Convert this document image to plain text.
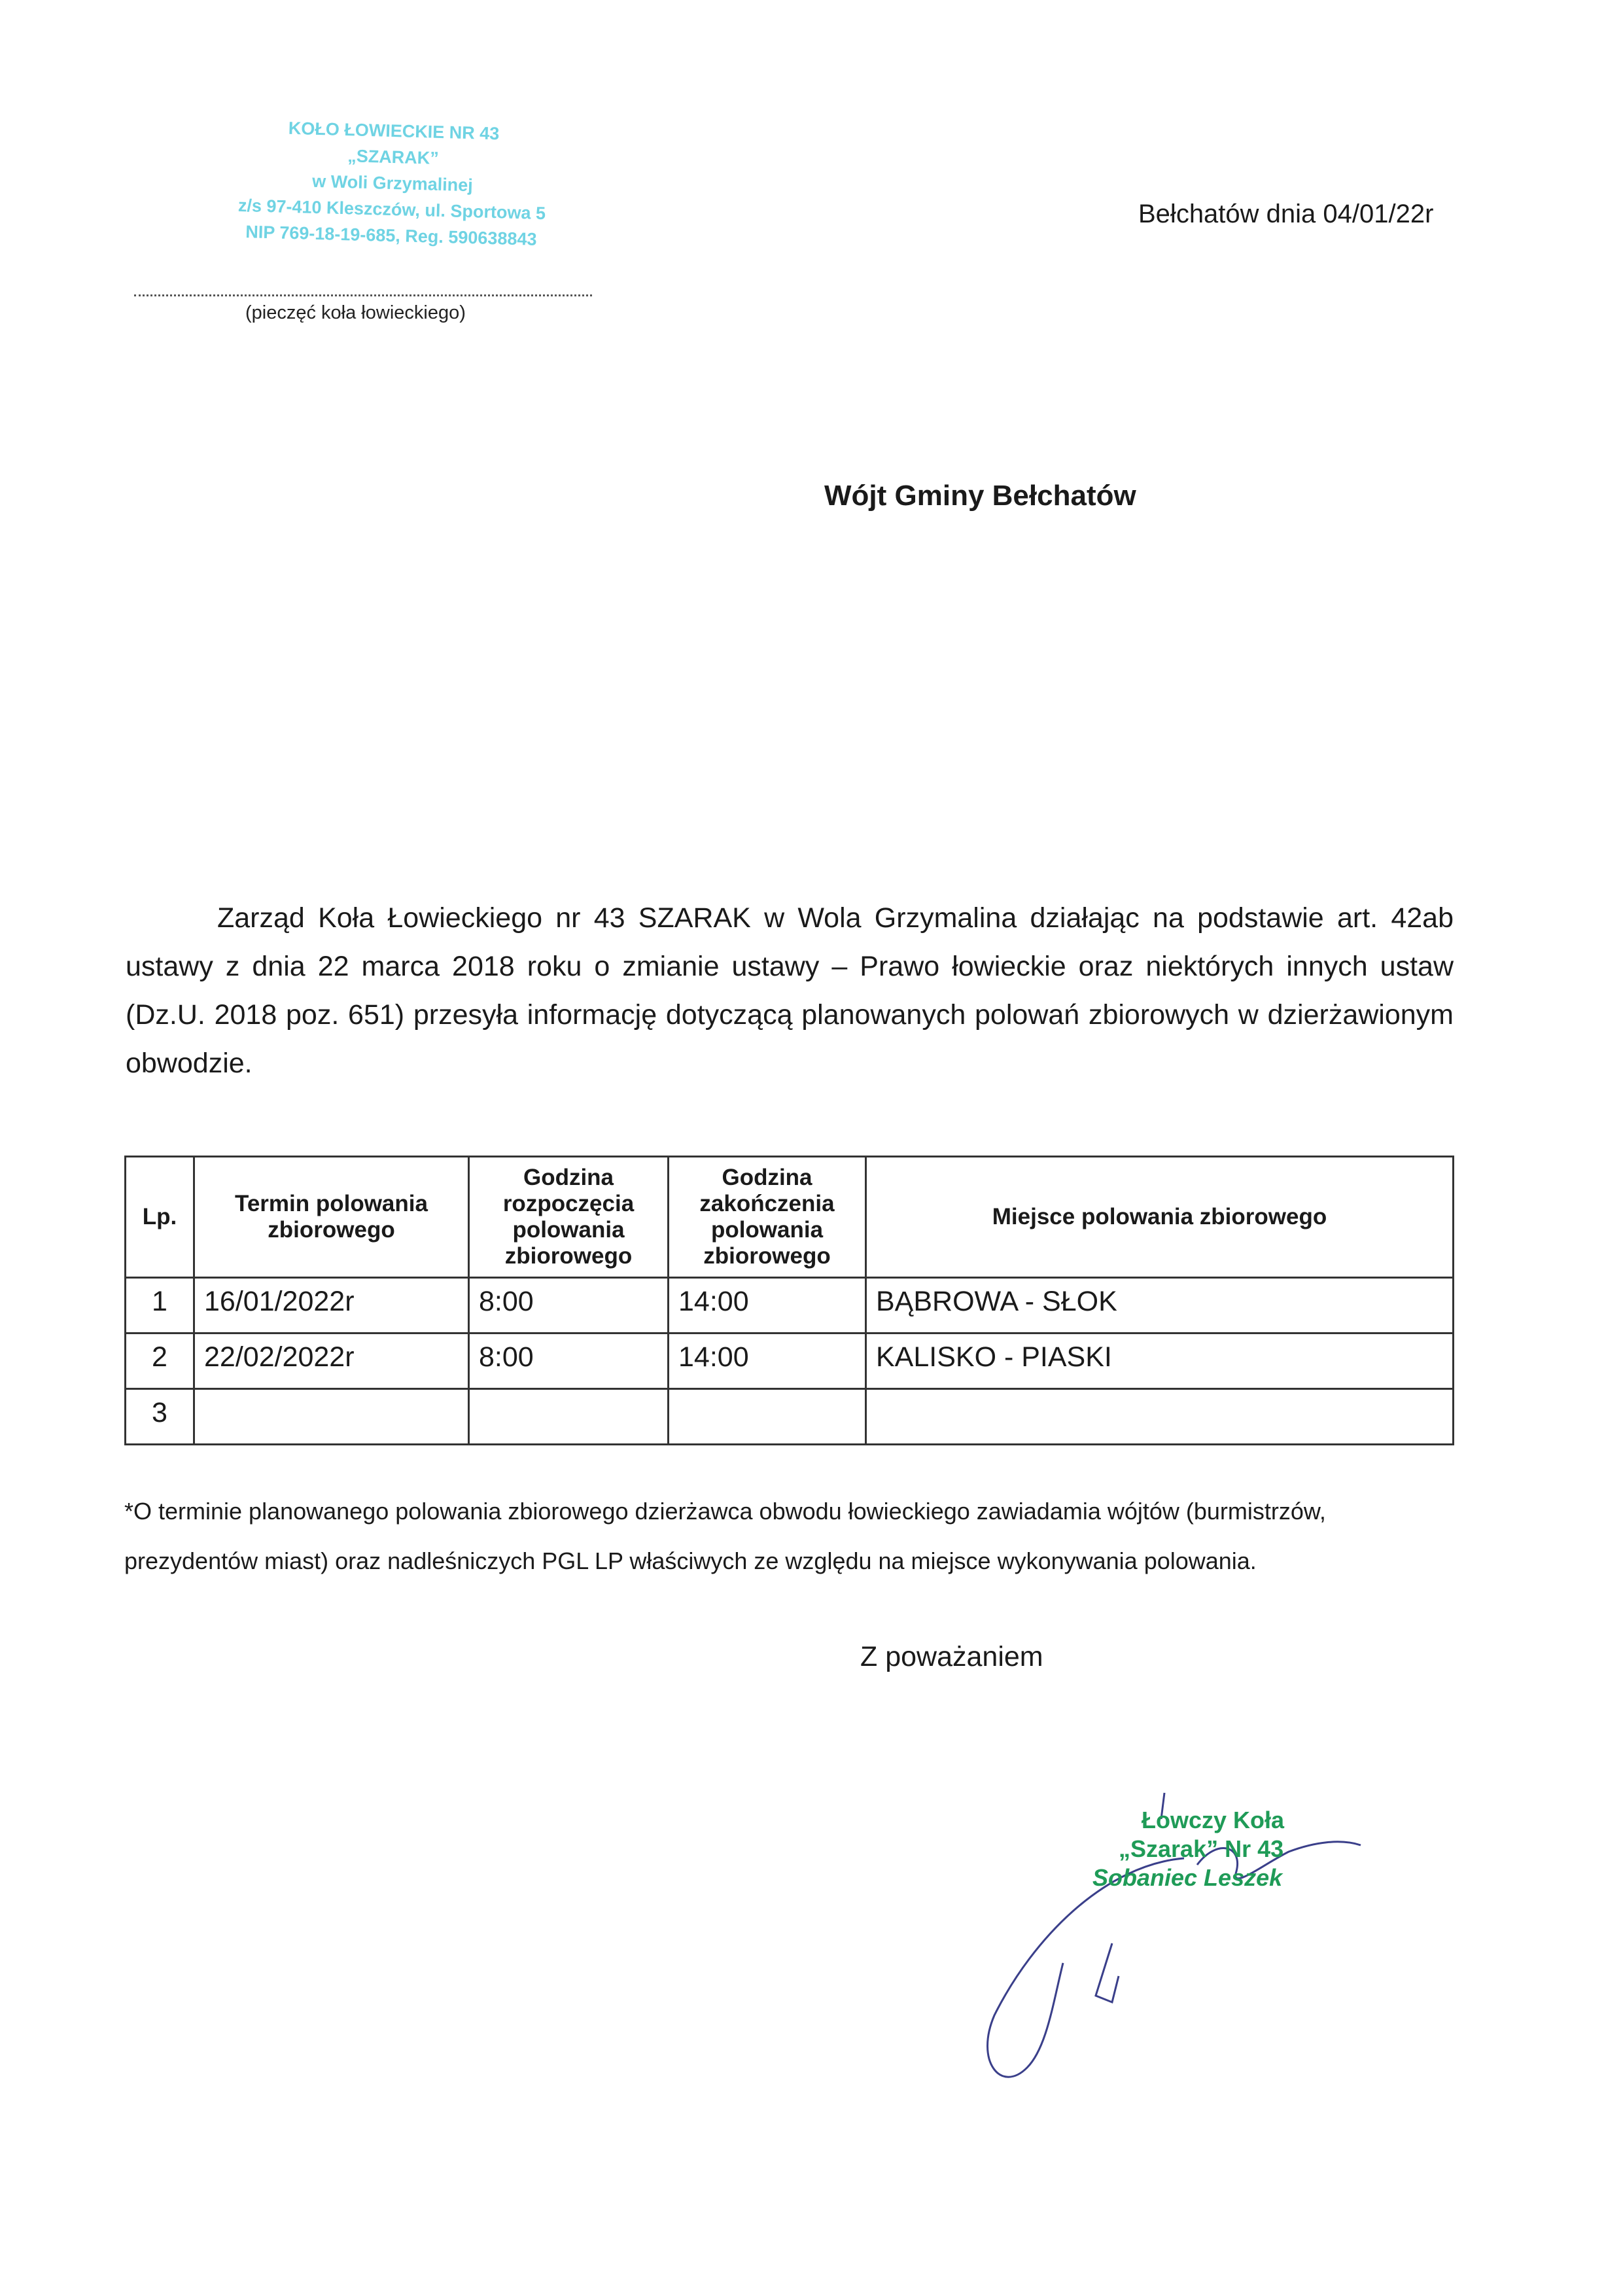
KOŁO ŁOWIECKIE NR 43
„SZARAK”
w Woli Grzymalinej
z/s 97-410 Kleszczów, ul. Sportowa 5
NIP 769-18-19-685, Reg. 590638843
(pieczęć koła łowieckiego)
Bełchatów dnia 04/01/22r
Wójt Gminy Bełchatów

Zarząd Koła Łowieckiego nr 43 SZARAK w Wola Grzymalina działając na podstawie art. 42ab ustawy z dnia 22 marca 2018 roku o zmianie ustawy – Prawo łowieckie oraz niektórych innych ustaw (Dz.U. 2018 poz. 651) przesyła informację dotyczącą planowanych polowań zbiorowych w dzierżawionym obwodzie.

Lp.	Termin polowania zbiorowego	Godzina rozpoczęcia polowania zbiorowego	Godzina zakończenia polowania zbiorowego	Miejsce polowania zbiorowego
1	16/01/2022r	8:00	14:00	BĄBROWA - SŁOK
2	22/02/2022r	8:00	14:00	KALISKO - PIASKI
3				
*O terminie planowanego polowania zbiorowego dzierżawca obwodu łowieckiego zawiadamia wójtów (burmistrzów, prezydentów miast) oraz nadleśniczych PGL LP właściwych ze względu na miejsce wykonywania polowania.
Z poważaniem
Łowczy Koła
„Szarak” Nr 43
Sobaniec Leszek
